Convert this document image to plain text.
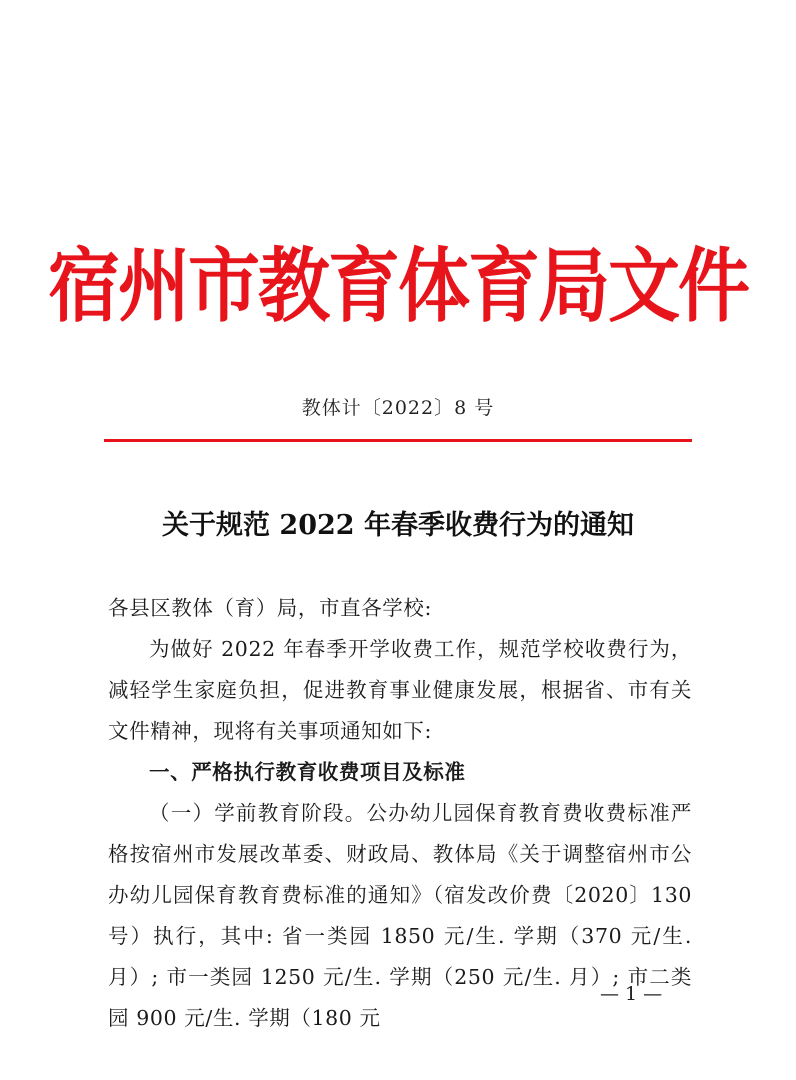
宿州市教育体育局文件
教体计〔2022〕8 号
关于规范 2022 年春季收费行为的通知

各县区教体（育）局，市直各学校:

为做好 2022 年春季开学收费工作，规范学校收费行为，减轻学生家庭负担，促进教育事业健康发展，根据省、市有关文件精神，现将有关事项通知如下:

一、严格执行教育收费项目及标准

（一）学前教育阶段。公办幼儿园保育教育费收费标准严格按宿州市发展改革委、财政局、教体局《关于调整宿州市公办幼儿园保育教育费标准的通知》（宿发改价费〔2020〕130 号）执行，其中: 省一类园 1850 元/生. 学期（370 元/生. 月）; 市一类园 1250 元/生. 学期（250 元/生. 月）; 市二类园 900 元/生. 学期（180 元

— 1 —
